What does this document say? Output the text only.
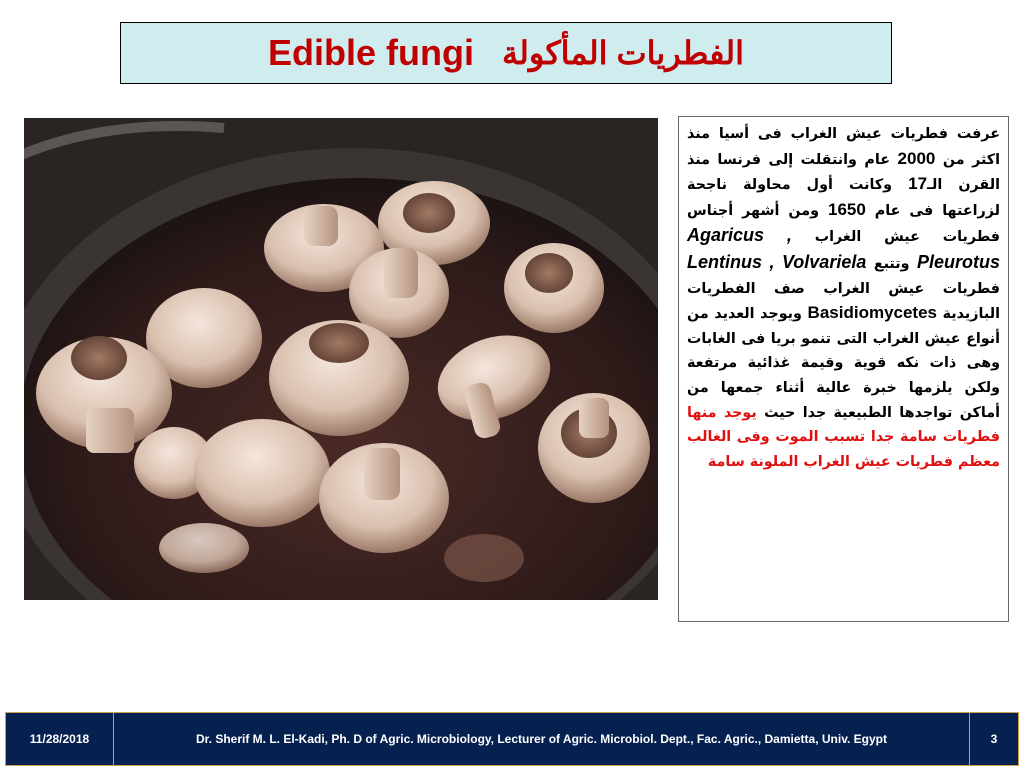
Edible fungi الفطريات المأكولة
عرفت فطريات عيش الغراب فى أسيا منذ اكثر من 2000 عام وانتقلت إلى فرنسا منذ القرن الـ17 وكانت أول محاولة ناجحة لزراعتها فى عام 1650 ومن أشهر أجناس فطريات عيش الغراب Agaricus , Pleurotus وتتبع Lentinus , Volvariela فطريات عيش الغراب صف الفطريات البازيدية Basidiomycetes ويوجد العديد من أنواع عيش الغراب التى تنمو بريا فى الغابات وهى ذات نكه قوية وقيمة غذائية مرتفعة ولكن يلزمها خبرة عالية أثناء جمعها من أماكن تواجدها الطبيعية جدا حيث يوجد منها فطريات سامة جدا تسبب الموت وفى الغالب معظم فطريات عيش الغراب الملونة سامة
11/28/2018	Dr. Sherif M. L. El-Kadi, Ph. D of Agric. Microbiology, Lecturer of Agric. Microbiol. Dept., Fac. Agric., Damietta, Univ. Egypt	3
